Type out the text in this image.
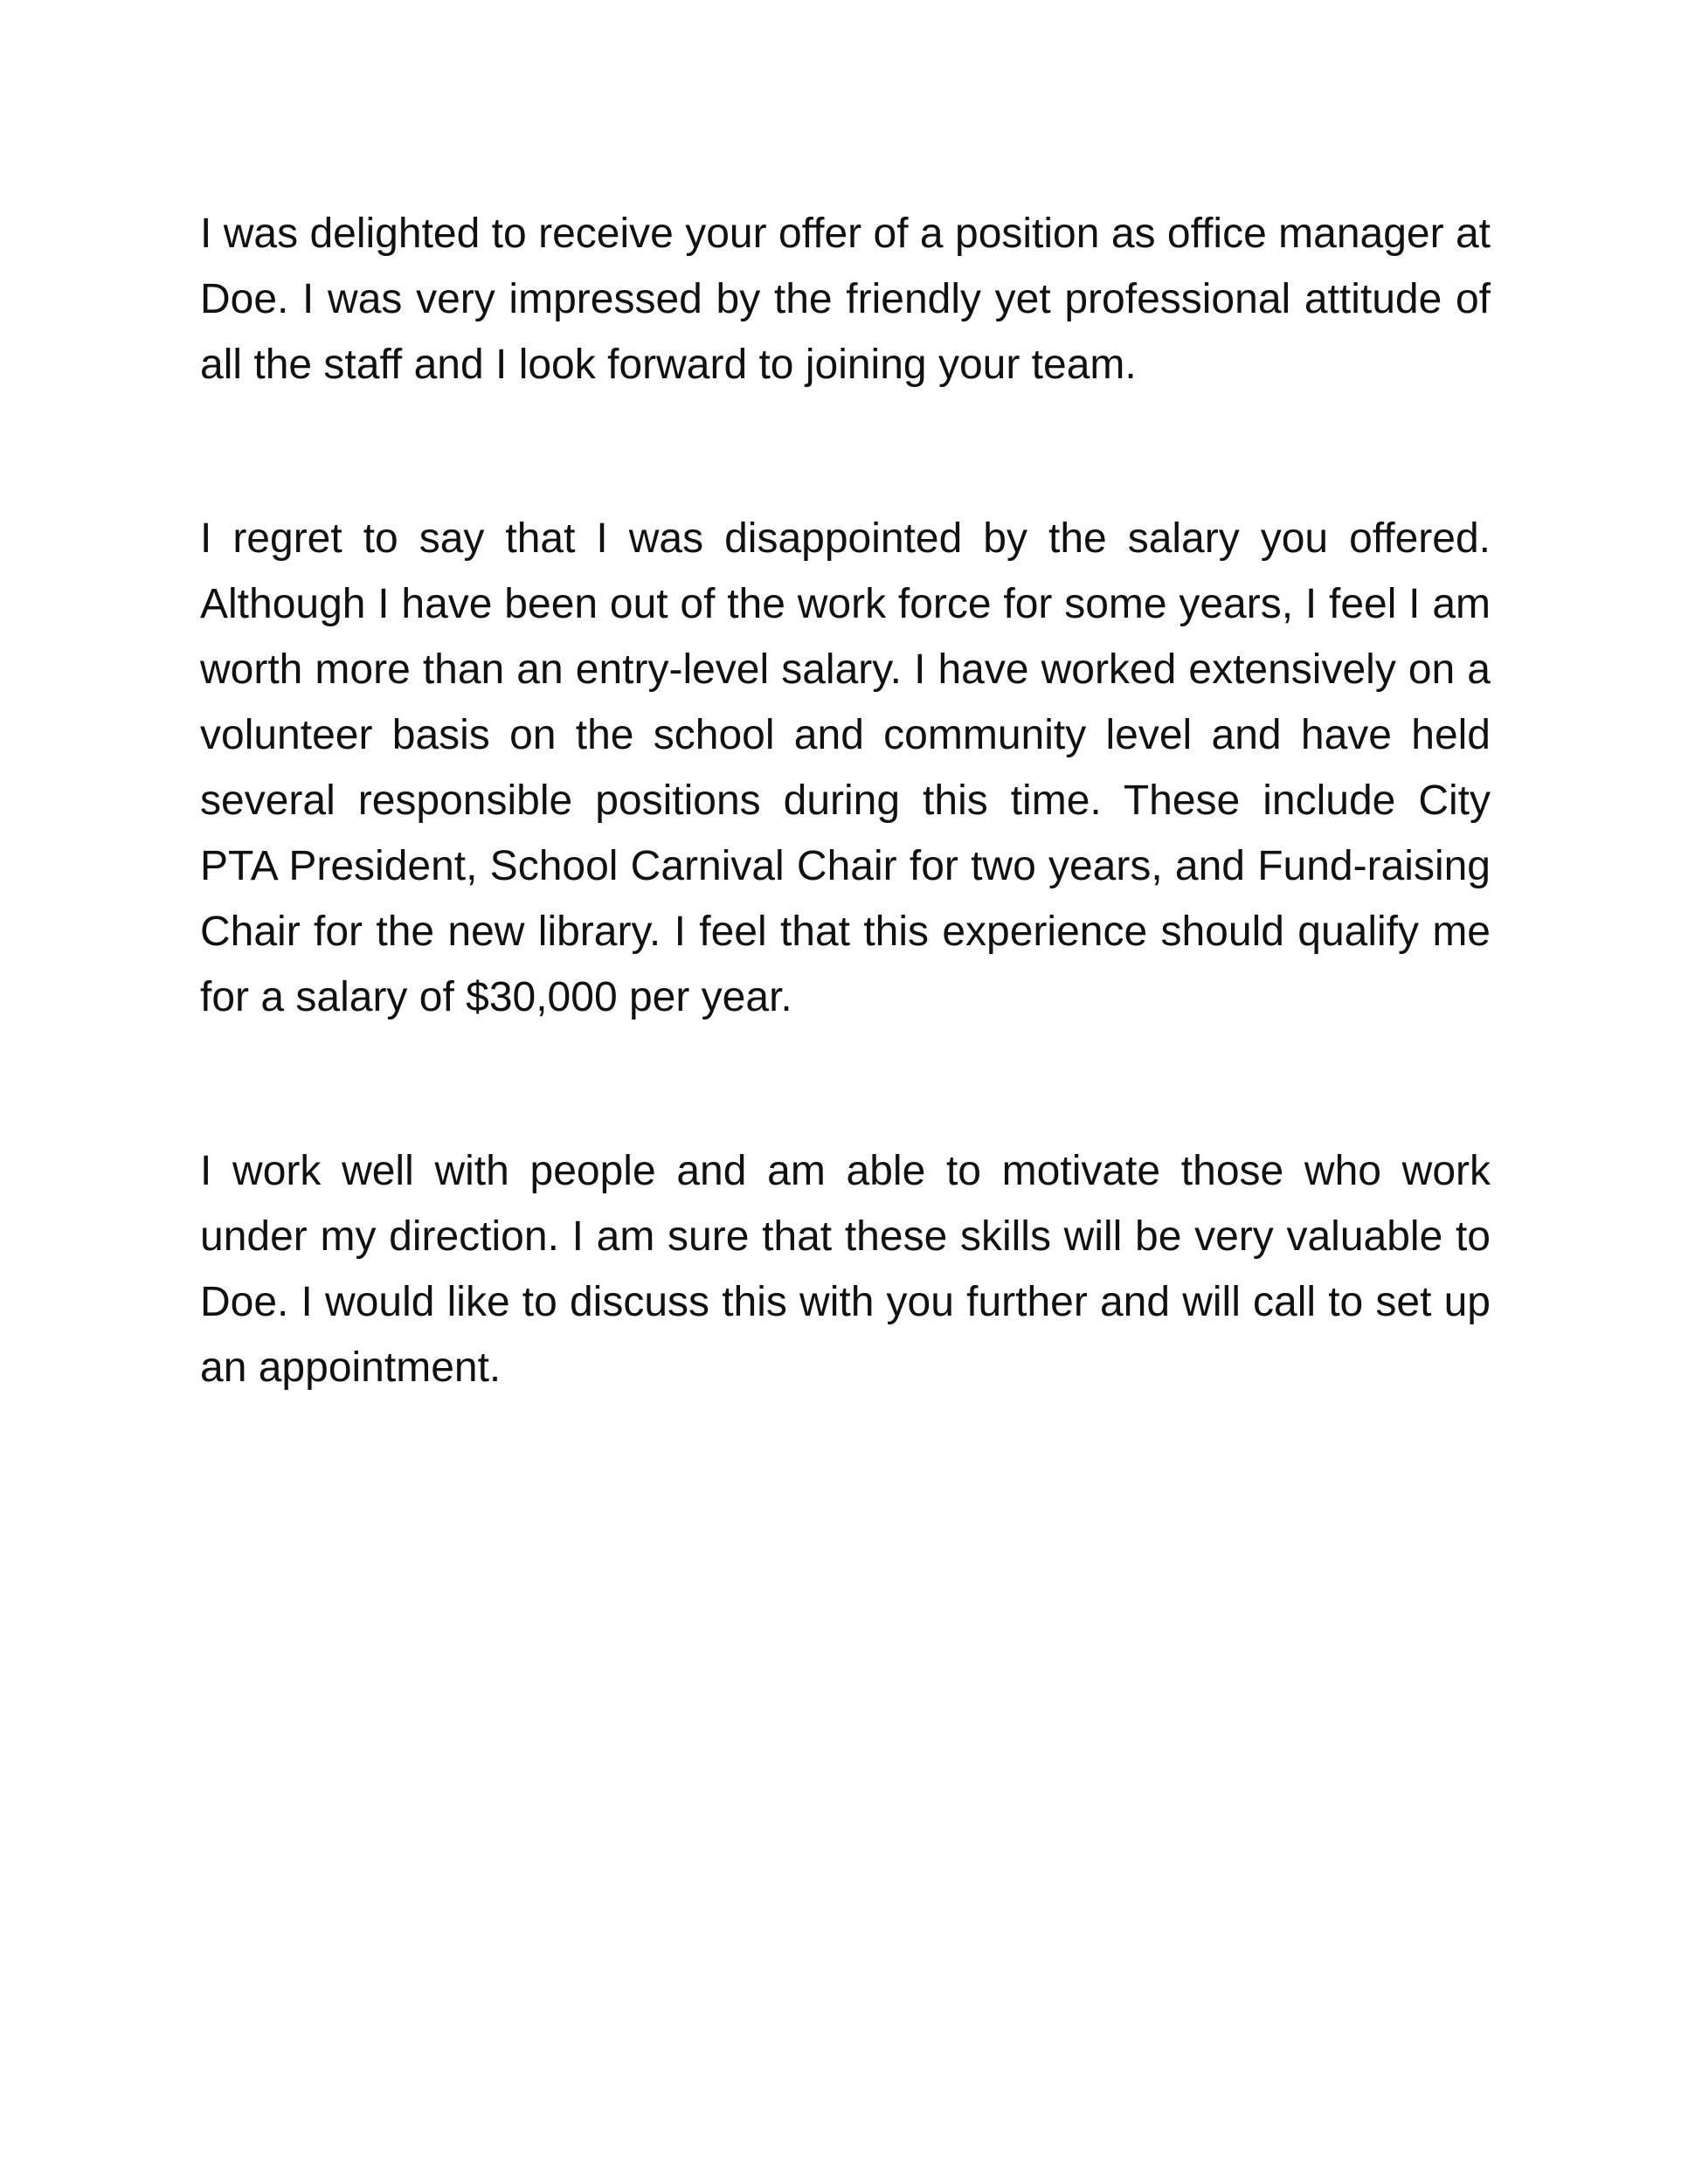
I was delighted to receive your offer of a position as office manager at Doe. I was very impressed by the friendly yet professional attitude of all the staff and I look forward to joining your team.

I regret to say that I was disappointed by the salary you offered. Although I have been out of the work force for some years, I feel I am worth more than an entry-level salary. I have worked extensively on a volunteer basis on the school and community level and have held several responsible positions during this time. These include City PTA President, School Carnival Chair for two years, and Fund-raising Chair for the new library. I feel that this experience should qualify me for a salary of $30,000 per year.

I work well with people and am able to motivate those who work under my direction. I am sure that these skills will be very valuable to Doe. I would like to discuss this with you further and will call to set up an appointment.
